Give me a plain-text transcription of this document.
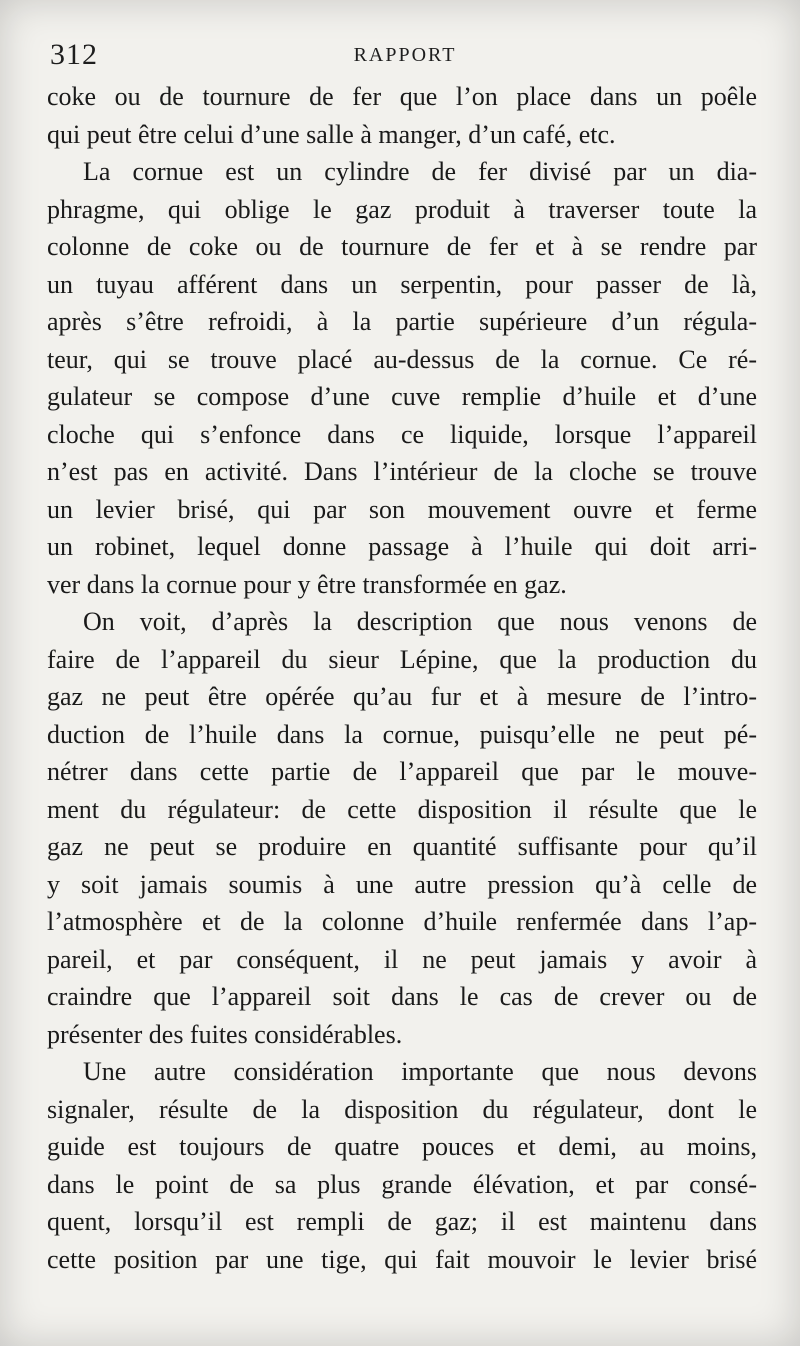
312	RAPPORT
coke ou de tournure de fer que l’on place dans un poêle
qui peut être celui d’une salle à manger, d’un café, etc.
La cornue est un cylindre de fer divisé par un dia-
phragme, qui oblige le gaz produit à traverser toute la
colonne de coke ou de tournure de fer et à se rendre par
un tuyau afférent dans un serpentin, pour passer de là,
après s’être refroidi, à la partie supérieure d’un régula-
teur, qui se trouve placé au-dessus de la cornue. Ce ré-
gulateur se compose d’une cuve remplie d’huile et d’une
cloche qui s’enfonce dans ce liquide, lorsque l’appareil
n’est pas en activité. Dans l’intérieur de la cloche se trouve
un levier brisé, qui par son mouvement ouvre et ferme
un robinet, lequel donne passage à l’huile qui doit arri-
ver dans la cornue pour y être transformée en gaz.
On voit, d’après la description que nous venons de
faire de l’appareil du sieur Lépine, que la production du
gaz ne peut être opérée qu’au fur et à mesure de l’intro-
duction de l’huile dans la cornue, puisqu’elle ne peut pé-
nétrer dans cette partie de l’appareil que par le mouve-
ment du régulateur: de cette disposition il résulte que le
gaz ne peut se produire en quantité suffisante pour qu’il
y soit jamais soumis à une autre pression qu’à celle de
l’atmosphère et de la colonne d’huile renfermée dans l’ap-
pareil, et par conséquent, il ne peut jamais y avoir à
craindre que l’appareil soit dans le cas de crever ou de
présenter des fuites considérables.
Une autre considération importante que nous devons
signaler, résulte de la disposition du régulateur, dont le
guide est toujours de quatre pouces et demi, au moins,
dans le point de sa plus grande élévation, et par consé-
quent, lorsqu’il est rempli de gaz; il est maintenu dans
cette position par une tige, qui fait mouvoir le levier brisé
